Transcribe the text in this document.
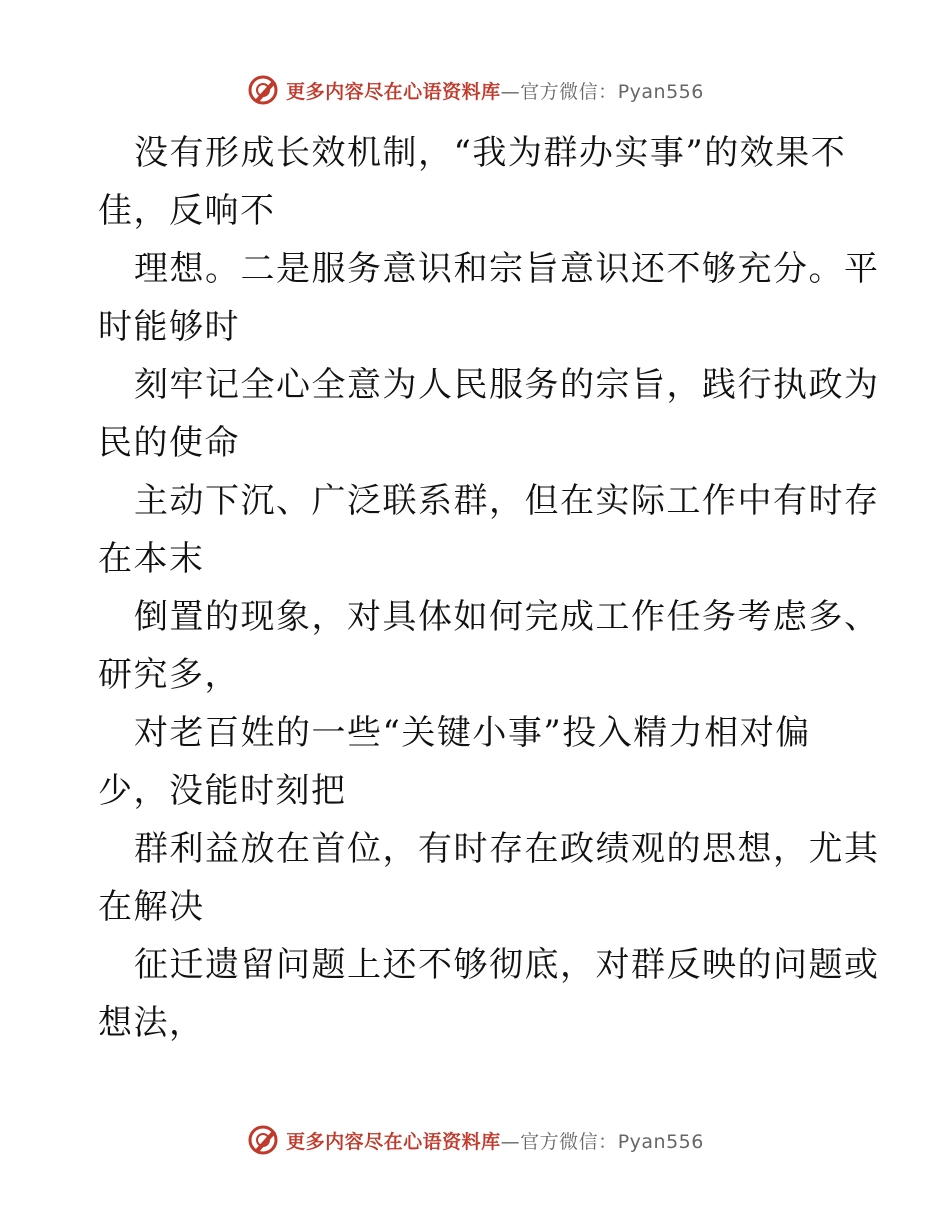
更多内容尽在心语资料库—官方微信：Pyan556
没有形成长效机制，“我为群办实事”的效果不
佳，反响不
理想。二是服务意识和宗旨意识还不够充分。平
时能够时
刻牢记全心全意为人民服务的宗旨，践行执政为
民的使命
主动下沉、广泛联系群，但在实际工作中有时存
在本末
倒置的现象，对具体如何完成工作任务考虑多、
研究多，
对老百姓的一些“关键小事”投入精力相对偏
少，没能时刻把
群利益放在首位，有时存在政绩观的思想，尤其
在解决
征迁遗留问题上还不够彻底，对群反映的问题或
想法，
更多内容尽在心语资料库—官方微信：Pyan556
